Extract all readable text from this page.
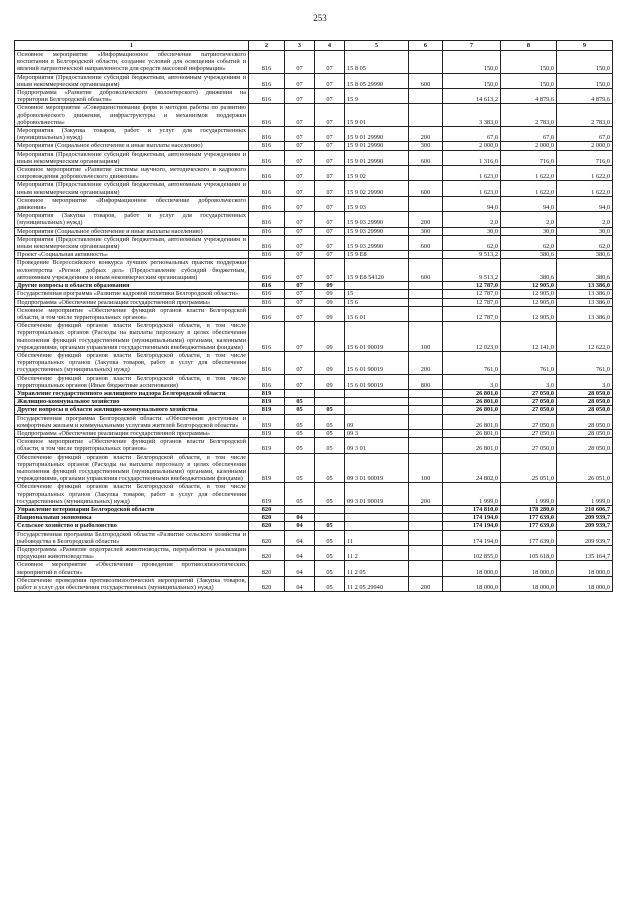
253
1	2	3	4	5	6	7	8	9
Основное мероприятие «Информационное обеспечение патриотического воспитания в Белгородской области, создание условий для освещения событий и явлений патриотической направленности для средств массовой информации»	816	07	07	15 8 05		150,0	150,0	150,0
Мероприятия (Предоставление субсидий бюджетным, автономным учреждениям и иным некоммерческим организациям)	816	07	07	15 8 05 29990	600	150,0	150,0	150,0
Подпрограмма «Развитие добровольческого (волонтерского) движения на территории Белгородской области»	816	07	07	15 9		14 613,2	4 879,6	4 879,6
Основное мероприятие «Совершенствование форм и методов работы по развитию добровольческого движения, инфраструктуры и механизмов поддержки добровольчества»	816	07	07	15 9 01		3 383,0	2 783,0	2 783,0
Мероприятия (Закупка товаров, работ и услуг для государственных (муниципальных) нужд)	816	07	07	15 9 01 29990	200	67,0	67,0	67,0
Мероприятия (Социальное обеспечение и иные выплаты населению)	816	07	07	15 9 01 29990	300	2 000,0	2 000,0	2 000,0
Мероприятия (Предоставление субсидий бюджетным, автономным учреждениям и иным некоммерческим организациям)	816	07	07	15 9 01 29990	600	1 316,0	716,0	716,0
Основное мероприятие «Развитие системы научного, методического и кадрового сопровождения добровольческого движения»	816	07	07	15 9 02		1 623,0	1 622,0	1 622,0
Мероприятия (Предоставление субсидий бюджетным, автономным учреждениям и иным некоммерческим организациям)	816	07	07	15 9 02 29990	600	1 623,0	1 622,0	1 622,0
Основное мероприятие «Информационное обеспечение добровольческого движения»	816	07	07	15 9 03		94,0	94,0	94,0
Мероприятия (Закупка товаров, работ и услуг для государственных (муниципальных) нужд)	816	07	07	15 9 03 29990	200	2,0	2,0	2,0
Мероприятия (Социальное обеспечение и иные выплаты населению)	816	07	07	15 9 03 29990	300	30,0	30,0	30,0
Мероприятия (Предоставление субсидий бюджетным, автономным учреждениям и иным некоммерческим организациям)	816	07	07	15 9 03 29990	600	62,0	62,0	62,0
Проект «Социальная активность»	816	07	07	15 9 E8		9 513,2	380,6	380,6
Проведение Всероссийского конкурса лучших региональных практик поддержки волонтерства «Регион добрых дел» (Предоставление субсидий бюджетным, автономным учреждениям и иным некоммерческим организациям)	816	07	07	15 9 E8 54120	600	9 513,2	380,6	380,6
Другие вопросы в области образования	816	07	09			12 787,0	12 905,0	13 386,0
Государственная программа «Развитие кадровой политики Белгородской области»	816	07	09	15		12 787,0	12 905,0	13 386,0
Подпрограмма «Обеспечение реализации государственной программы»	816	07	09	15 6		12 787,0	12 905,0	13 386,0
Основное мероприятие «Обеспечение функций органов власти Белгородской области, в том числе территориальных органов»	816	07	09	15 6 01		12 787,0	12 905,0	13 386,0
Обеспечение функций органов власти Белгородской области, в том числе территориальных органов (Расходы на выплаты персоналу в целях обеспечения выполнения функций государственными (муниципальными) органами, казенными учреждениями, органами управления государственными внебюджетными фондами)	816	07	09	15 6 01 90019	100	12 023,0	12 141,0	12 622,0
Обеспечение функций органов власти Белгородской области, в том числе территориальных органов (Закупка товаров, работ и услуг для обеспечения государственных (муниципальных) нужд)	816	07	09	15 6 01 90019	200	761,0	761,0	761,0
Обеспечение функций органов власти Белгородской области, в том числе территориальных органов (Иные бюджетные ассигнования)	816	07	09	15 6 01 90019	800	3,0	3,0	3,0
Управление государственного жилищного надзора Белгородской области	819					26 801,0	27 050,0	28 050,0
Жилищно-коммунальное хозяйство	819	05				26 801,0	27 050,0	28 050,0
Другие вопросы в области жилищно-коммунального хозяйства	819	05	05			26 801,0	27 050,0	28 050,0
Государственная программа Белгородской области «Обеспечение доступным и комфортным жильем и коммунальными услугами жителей Белгородской области»	819	05	05	09		26 801,0	27 050,0	28 050,0
Подпрограмма «Обеспечение реализации государственной программы»	819	05	05	09 3		26 801,0	27 050,0	28 050,0
Основное мероприятие «Обеспечение функций органов власти Белгородской области, в том числе территориальных органов»	819	05	05	09 3 01		26 801,0	27 050,0	28 050,0
Обеспечение функций органов власти Белгородской области, в том числе территориальных органов (Расходы на выплаты персоналу в целях обеспечения выполнения функций государственными (муниципальными) органами, казенными учреждениями, органами управления государственными внебюджетными фондами)	819	05	05	09 3 01 90019	100	24 802,0	25 051,0	26 051,0
Обеспечение функций органов власти Белгородской области, в том числе территориальных органов (Закупка товаров, работ и услуг для обеспечения государственных (муниципальных) нужд)	819	05	05	09 3 01 90019	200	1 999,0	1 999,0	1 999,0
Управление ветеринарии Белгородской области	820					174 810,0	178 280,0	210 606,7
Национальная экономика	820	04				174 194,0	177 639,0	209 939,7
Сельское хозяйство и рыболовство	820	04	05			174 194,0	177 639,0	209 939,7
Государственная программа Белгородской области «Развитие сельского хозяйства и рыбоводства в Белгородской области»	820	04	05	11		174 194,0	177 639,0	209 939,7
Подпрограмма «Развитие подотраслей животноводства, переработки и реализации продукции животноводства»	820	04	05	11 2		102 855,0	105 618,0	135 164,7
Основное мероприятие «Обеспечение проведения противоэпизоотических мероприятий в области»	820	04	05	11 2 05		18 000,0	18 000,0	18 000,0
Обеспечение проведения противоэпизоотических мероприятий (Закупка товаров, работ и услуг для обеспечения государственных (муниципальных) нужд)	820	04	05	11 2 05 29940	200	18 000,0	18 000,0	18 000,0
